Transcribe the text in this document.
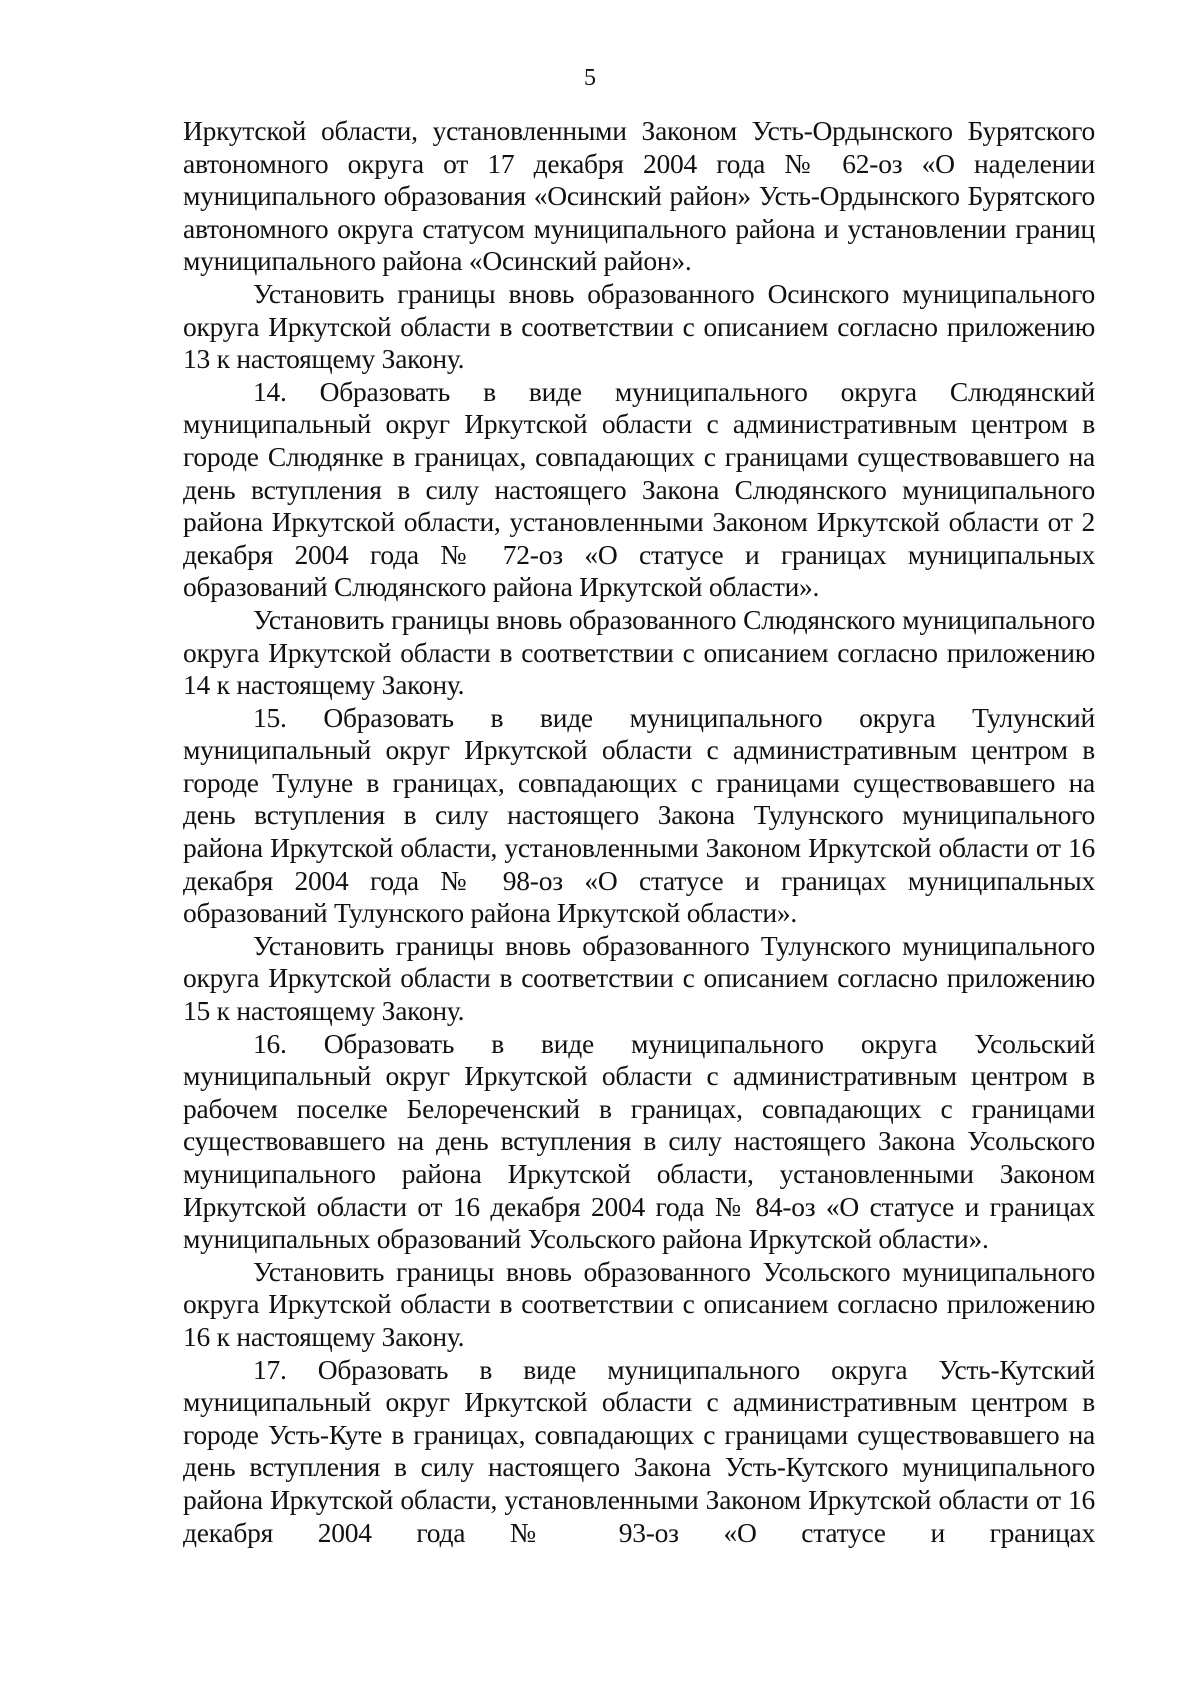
5

Иркутской области, установленными Законом Усть-Ордынского Бурятского автономного округа от 17 декабря 2004 года № 62-оз «О наделении муниципального образования «Осинский район» Усть-Ордынского Бурятского автономного округа статусом муниципального района и установлении границ муниципального района «Осинский район».

Установить границы вновь образованного Осинского муниципального округа Иркутской области в соответствии с описанием согласно приложению 13 к настоящему Закону.

14. Образовать в виде муниципального округа Слюдянский муниципальный округ Иркутской области с административным центром в городе Слюдянке в границах, совпадающих с границами существовавшего на день вступления в силу настоящего Закона Слюдянского муниципального района Иркутской области, установленными Законом Иркутской области от 2 декабря 2004 года № 72-оз «О статусе и границах муниципальных образований Слюдянского района Иркутской области».

Установить границы вновь образованного Слюдянского муниципального округа Иркутской области в соответствии с описанием согласно приложению 14 к настоящему Закону.

15. Образовать в виде муниципального округа Тулунский муниципальный округ Иркутской области с административным центром в городе Тулуне в границах, совпадающих с границами существовавшего на день вступления в силу настоящего Закона Тулунского муниципального района Иркутской области, установленными Законом Иркутской области от 16 декабря 2004 года № 98-оз «О статусе и границах муниципальных образований Тулунского района Иркутской области».

Установить границы вновь образованного Тулунского муниципального округа Иркутской области в соответствии с описанием согласно приложению 15 к настоящему Закону.

16. Образовать в виде муниципального округа Усольский муниципальный округ Иркутской области с административным центром в рабочем поселке Белореченский в границах, совпадающих с границами существовавшего на день вступления в силу настоящего Закона Усольского муниципального района Иркутской области, установленными Законом Иркутской области от 16 декабря 2004 года № 84-оз «О статусе и границах муниципальных образований Усольского района Иркутской области».

Установить границы вновь образованного Усольского муниципального округа Иркутской области в соответствии с описанием согласно приложению 16 к настоящему Закону.

17. Образовать в виде муниципального округа Усть-Кутский муниципальный округ Иркутской области с административным центром в городе Усть-Куте в границах, совпадающих с границами существовавшего на день вступления в силу настоящего Закона Усть-Кутского муниципального района Иркутской области, установленными Законом Иркутской области от 16 декабря 2004 года № 93-оз «О статусе и границах
